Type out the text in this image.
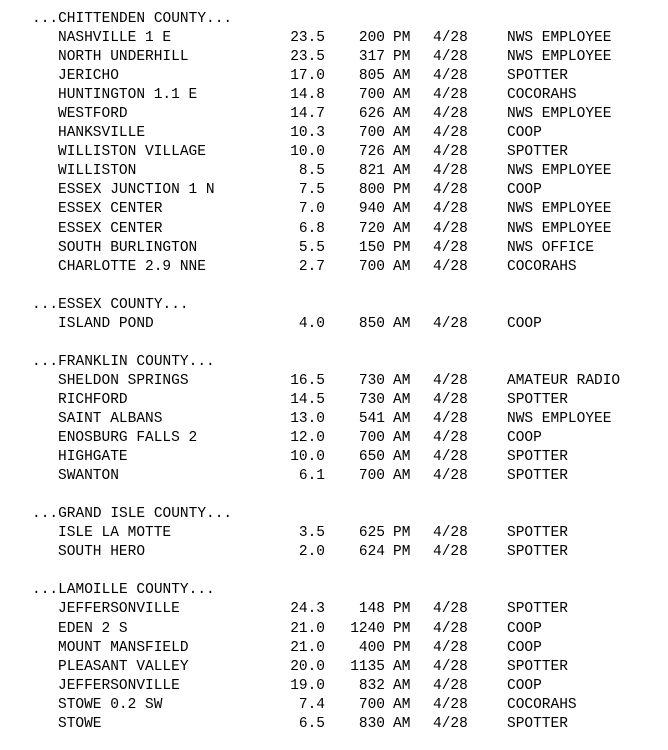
...CHITTENDEN COUNTY...
NASHVILLE 1 E	23.5 200 PM 4/28	NWS EMPLOYEE
NORTH UNDERHILL	23.5 317 PM 4/28	NWS EMPLOYEE
JERICHO	17.0 805 AM 4/28	SPOTTER
HUNTINGTON 1.1 E	14.8 700 AM 4/28	COCORAHS
WESTFORD	14.7 626 AM 4/28	NWS EMPLOYEE
HANKSVILLE	10.3 700 AM 4/28	COOP
WILLISTON VILLAGE	10.0 726 AM 4/28	SPOTTER
WILLISTON	8.5 821 AM 4/28	NWS EMPLOYEE
ESSEX JUNCTION 1 N	7.5 800 PM 4/28	COOP
ESSEX CENTER	7.0 940 AM 4/28	NWS EMPLOYEE
ESSEX CENTER	6.8 720 AM 4/28	NWS EMPLOYEE
SOUTH BURLINGTON	5.5 150 PM 4/28	NWS OFFICE
CHARLOTTE 2.9 NNE	2.7 700 AM 4/28	COCORAHS
...ESSEX COUNTY...
ISLAND POND	4.0 850 AM 4/28	COOP
...FRANKLIN COUNTY...
SHELDON SPRINGS	16.5 730 AM 4/28	AMATEUR RADIO
RICHFORD	14.5 730 AM 4/28	SPOTTER
SAINT ALBANS	13.0 541 AM 4/28	NWS EMPLOYEE
ENOSBURG FALLS 2	12.0 700 AM 4/28	COOP
HIGHGATE	10.0 650 AM 4/28	SPOTTER
SWANTON	6.1 700 AM 4/28	SPOTTER
...GRAND ISLE COUNTY...
ISLE LA MOTTE	3.5 625 PM 4/28	SPOTTER
SOUTH HERO	2.0 624 PM 4/28	SPOTTER
...LAMOILLE COUNTY...
JEFFERSONVILLE	24.3 148 PM 4/28	SPOTTER
EDEN 2 S	21.0 1240 PM 4/28	COOP
MOUNT MANSFIELD	21.0 400 PM 4/28	COOP
PLEASANT VALLEY	20.0 1135 AM 4/28	SPOTTER
JEFFERSONVILLE	19.0 832 AM 4/28	COOP
STOWE 0.2 SW	7.4 700 AM 4/28	COCORAHS
STOWE	6.5 830 AM 4/28	SPOTTER
